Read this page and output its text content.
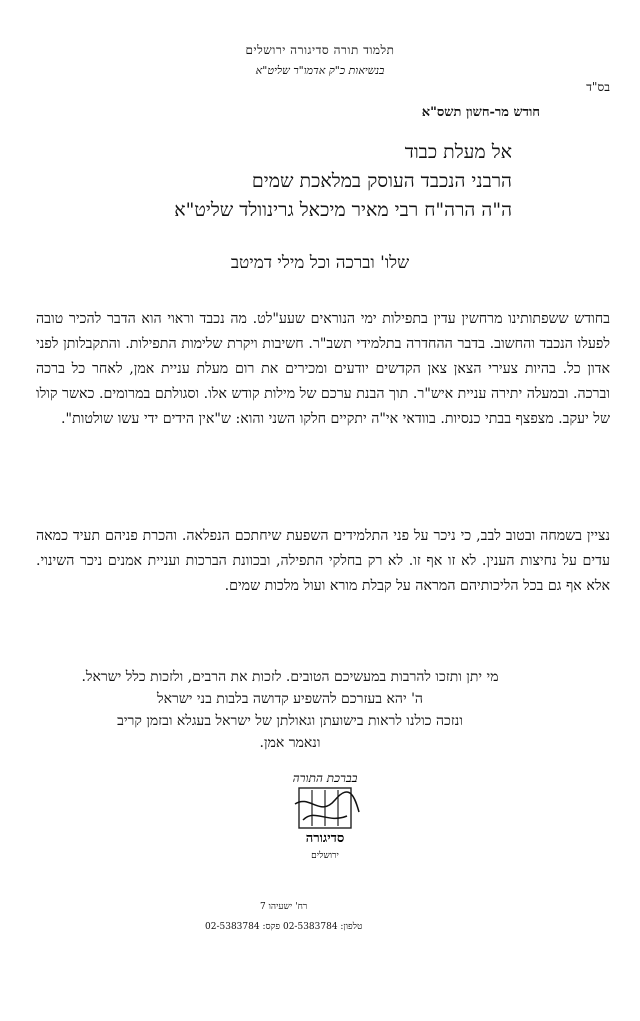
תלמוד תורה סדיגורה ירושלים
בנשיאות כ"ק אדמו"ר שליט"א
בס"ד
חודש מר-חשון תשס"א
אל מעלת כבוד
הרבני הנכבד העוסק במלאכת שמים
ה"ה הרה"ח רבי מאיר מיכאל גרינוולד שליט"א
שלו' וברכה וכל מילי דמיטב
בחודש ששפתותינו מרחשין עדין בתפילות ימי הנוראים שעע"לט. מה נכבד וראוי הוא הדבר להכיר טובה לפעלו הנכבד והחשוב. בדבר ההחדרה בתלמידי תשב"ר. חשיבות ויקרת שלימות התפילות. והתקבלותן לפני אדון כל. בהיות צעירי הצאן צאן הקדשים יודעים ומכירים את רום מעלת עניית אמן, לאחר כל ברכה וברכה. ובמעלה יתירה עניית איש"ר. תוך הבנת ערכם של מילות קודש אלו. וסגולתם במרומים. כאשר קולו של יעקב. מצפצף בבתי כנסיות. בוודאי אי"ה יתקיים חלקו השני והוא: ש"אין הידים ידי עשו שולטות".
נציין בשמחה ובטוב לבב, כי ניכר על פני התלמידים השפעת שיחתכם הנפלאה. והכרת פניהם תעיד כמאה עדים על נחיצות הענין. לא זו אף זו. לא רק בחלקי התפילה, ובכוונת הברכות ועניית אמנים ניכר השינוי. אלא אף גם בכל הליכותיהם המראה על קבלת מורא ועול מלכות שמים.
מי יתן ותזכו להרבות במעשיכם הטובים. לזכות את הרבים, ולזכות כלל ישראל.
ה' יהא בעזרכם להשפיע קדושה בלבות בני ישראל
ונזכה כולנו לראות בישועתן וגאולתן של ישראל בעגלא ובזמן קריב
ונאמר אמן.
בברכת התורה
סדיגורה
ירושלים
רח' ישעיהו 7
טלפון: 02-5383784 פקס: 02-5383784
